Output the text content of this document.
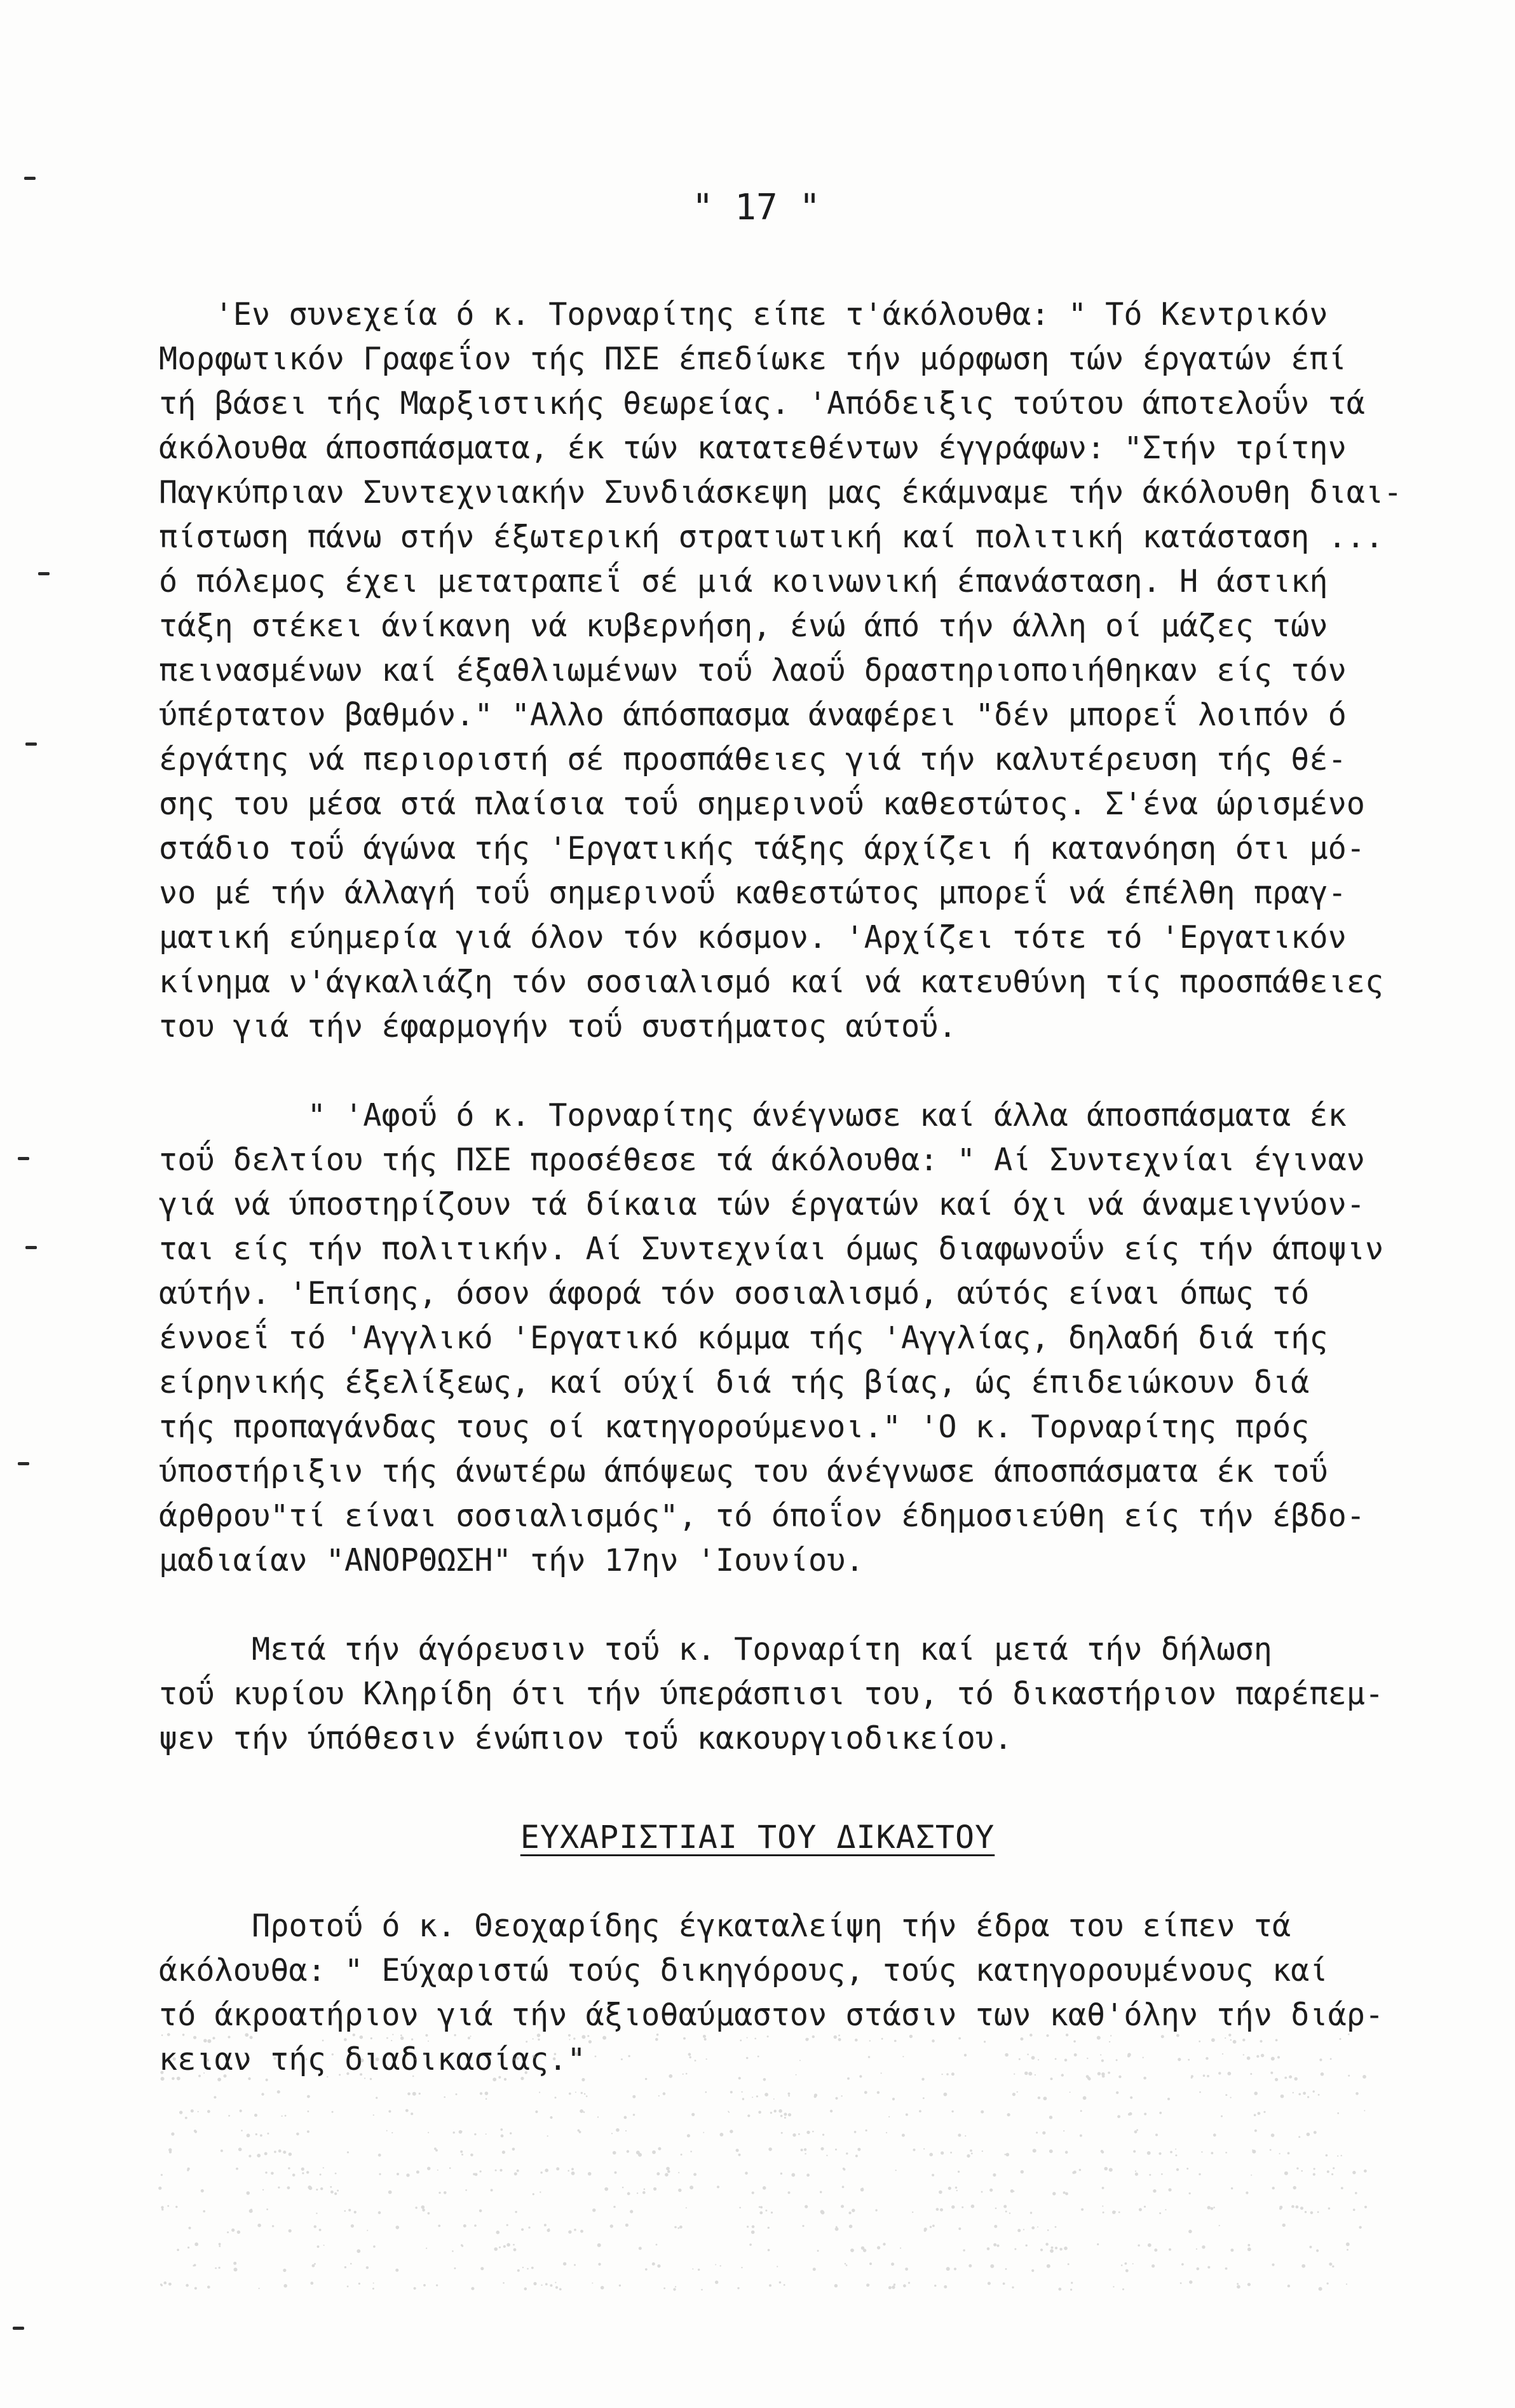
" 17 "
'Εν συνεχεία ό κ. Τορναρίτης είπε τ'άκόλουθα: " Τό Κεντρικόν
Μορφωτικόν Γραφεΐον τής ΠΣΕ έπεδίωκε τήν μόρφωση τών έργατών έπί
τή βάσει τής Μαρξιστικής θεωρείας. 'Απόδειξις τούτου άποτελοΰν τά
άκόλουθα άποσπάσματα, έκ τών κατατεθέντων έγγράφων: "Στήν τρίτην
Παγκύπριαν Συντεχνιακήν Συνδιάσκεψη μας έκάμναμε τήν άκόλουθη διαι-
πίστωση πάνω στήν έξωτερική στρατιωτική καί πολιτική κατάσταση ...
ό πόλεμος έχει μετατραπεΐ σέ μιά κοινωνική έπανάσταση. Η άστική
τάξη στέκει άνίκανη νά κυβερνήση, ένώ άπό τήν άλλη οί μάζες τών
πεινασμένων καί έξαθλιωμένων τοΰ λαοΰ δραστηριοποιήθηκαν είς τόν
ύπέρτατον βαθμόν." "Αλλο άπόσπασμα άναφέρει "δέν μπορεΐ λοιπόν ό
έργάτης νά περιοριστή σέ προσπάθειες γιά τήν καλυτέρευση τής θέ-
σης του μέσα στά πλαίσια τοΰ σημερινοΰ καθεστώτος. Σ'ένα ώρισμένο
στάδιο τοΰ άγώνα τής 'Εργατικής τάξης άρχίζει ή κατανόηση ότι μό-
νο μέ τήν άλλαγή τοΰ σημερινοΰ καθεστώτος μπορεΐ νά έπέλθη πραγ-
ματική εύημερία γιά όλον τόν κόσμον. 'Αρχίζει τότε τό 'Εργατικόν
κίνημα ν'άγκαλιάζη τόν σοσιαλισμό καί νά κατευθύνη τίς προσπάθειες
του γιά τήν έφαρμογήν τοΰ συστήματος αύτοΰ.
" 'Αφοΰ ό κ. Τορναρίτης άνέγνωσε καί άλλα άποσπάσματα έκ
τοΰ δελτίου τής ΠΣΕ προσέθεσε τά άκόλουθα: " Αί Συντεχνίαι έγιναν
γιά νά ύποστηρίζουν τά δίκαια τών έργατών καί όχι νά άναμειγνύον-
ται είς τήν πολιτικήν. Αί Συντεχνίαι όμως διαφωνοΰν είς τήν άποψιν
αύτήν. 'Επίσης, όσον άφορά τόν σοσιαλισμό, αύτός είναι όπως τό
έννοεΐ τό 'Αγγλικό 'Εργατικό κόμμα τής 'Αγγλίας, δηλαδή διά τής
είρηνικής έξελίξεως, καί ούχί διά τής βίας, ώς έπιδειώκουν διά
τής προπαγάνδας τους οί κατηγορούμενοι." 'Ο κ. Τορναρίτης πρός
ύποστήριξιν τής άνωτέρω άπόψεως του άνέγνωσε άποσπάσματα έκ τοΰ
άρθρου"τί είναι σοσιαλισμός", τό όποΐον έδημοσιεύθη είς τήν έβδο-
μαδιαίαν "ΑΝΟΡΘΩΣΗ" τήν 17ην 'Ιουνίου.
Μετά τήν άγόρευσιν τοΰ κ. Τορναρίτη καί μετά τήν δήλωση
τοΰ κυρίου Κληρίδη ότι τήν ύπεράσπισι του, τό δικαστήριον παρέπεμ-
ψεν τήν ύπόθεσιν ένώπιον τοΰ κακουργιοδικείου.
ΕΥΧΑΡΙΣΤΙΑΙ ΤΟΥ ΔΙΚΑΣΤΟΥ
Προτοΰ ό κ. Θεοχαρίδης έγκαταλείψη τήν έδρα του είπεν τά
άκόλουθα: " Εύχαριστώ τούς δικηγόρους, τούς κατηγορουμένους καί
τό άκροατήριον γιά τήν άξιοθαύμαστον στάσιν των καθ'όλην τήν διάρ-
κειαν τής διαδικασίας."
